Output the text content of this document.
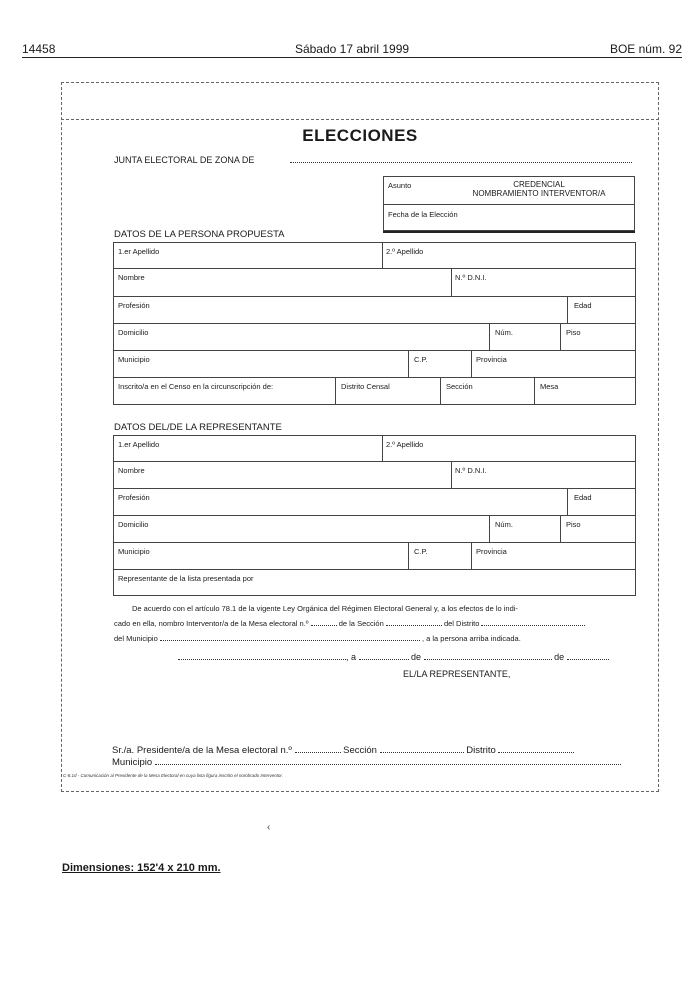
14458	Sábado 17 abril 1999	BOE núm. 92
ELECCIONES
JUNTA ELECTORAL DE ZONA DE
Asunto	CREDENCIAL
NOMBRAMIENTO INTERVENTOR/A
Fecha de la Elección
DATOS DE LA PERSONA PROPUESTA
1.er Apellido	2.º Apellido
Nombre	N.º D.N.I.
Profesión	Edad
Domicilio	Núm.	Piso
Municipio	C.P.	Provincia
Inscrito/a en el Censo en la circunscripción de:	Distrito Censal	Sección	Mesa
DATOS DEL/DE LA REPRESENTANTE
1.er Apellido	2.º Apellido
Nombre	N.º D.N.I.
Profesión	Edad
Domicilio	Núm.	Piso
Municipio	C.P.	Provincia
Representante de la lista presentada por
De acuerdo con el artículo 78.1 de la vigente Ley Orgánica del Régimen Electoral General y, a los efectos de lo indi-
cado en ella, nombro Interventor/a de la Mesa electoral n.º	de la Sección	del Distrito
del Municipio	, a la persona arriba indicada.
, a	de	de
EL/LA REPRESENTANTE,
Sr./a. Presidente/a de la Mesa electoral n.º	Sección	Distrito
Municipio
C-8.1d - Comunicación al Presidente de la Mesa Electoral en cuya lista figura inscrito el nombrado Interventor.
‹
Dimensiones: 152'4 x 210 mm.
